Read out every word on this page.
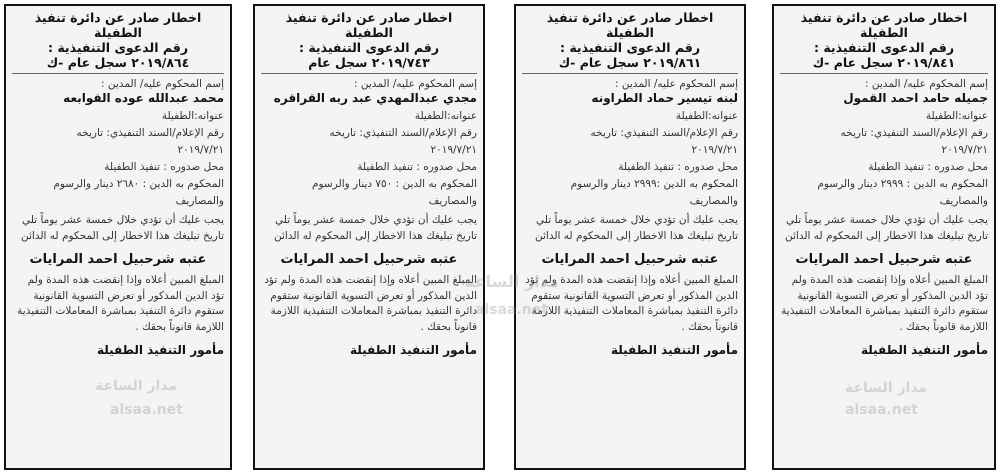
اخطار صادر عن دائرة تنفيذ الطفيلة
رقم الدعوى التنفيذية :
٢٠١٩/٨٤١ سجل عام -ك
إسم المحكوم عليه/ المدين :
جميله حامد احمد القمول
عنوانه:الطفيلة
رقم الإعلام/السند التنفيذي: تاريخه
٢٠١٩/٧/٢١
محل صدوره : تنفيذ الطفيلة
المحكوم به الدين : ٢٩٩٩ دينار والرسوم
والمصاريف
يجب عليك أن تؤدي خلال خمسة عشر يوماً تلي تاريخ تبليغك هذا الاخطار إلى المحكوم له الدائن
عتبه شرحبيل احمد المرايات
المبلغ المبين أعلاه وإذا إنقضت هذه المدة ولم تؤد الدين المذكور أو تعرض التسوية القانونية ستقوم دائرة التنفيذ بمباشرة المعاملات التنفيذية اللازمة قانوناً بحقك .
مأمور التنفيذ الطفيلة
اخطار صادر عن دائرة تنفيذ الطفيلة
رقم الدعوى التنفيذية :
٢٠١٩/٨٦١ سجل عام -ك
إسم المحكوم عليه/ المدين :
لبنه تيسير حماد الطراونه
عنوانه:الطفيلة
رقم الإعلام/السند التنفيذي: تاريخه
٢٠١٩/٧/٢١
محل صدوره : تنفيذ الطفيلة
المحكوم به الدين :٢٩٩٩ دينار والرسوم
والمصاريف
يجب عليك أن تؤدي خلال خمسة عشر يوماً تلي تاريخ تبليغك هذا الاخطار إلى المحكوم له الدائن
عتبه شرحبيل احمد المرايات
المبلغ المبين أعلاه وإذا إنقضت هذه المدة ولم تؤد الدين المذكور أو تعرض التسوية القانونية ستقوم دائرة التنفيذ بمباشرة المعاملات التنفيذية اللازمة قانوناً بحقك .
مأمور التنفيذ الطفيلة
اخطار صادر عن دائرة تنفيذ الطفيلة
رقم الدعوى التنفيذية :
٢٠١٩/٧٤٣ سجل عام
إسم المحكوم عليه/ المدين :
مجدي عبدالمهدي عبد ربه القراقره
عنوانه:الطفيلة
رقم الإعلام/السند التنفيذي: تاريخه
٢٠١٩/٧/٢١
محل صدوره : تنفيذ الطفيلة
المحكوم به الدين : ٧٥٠ دينار والرسوم
والمصاريف
يجب عليك أن تؤدي خلال خمسة عشر يوماً تلي تاريخ تبليغك هذا الاخطار إلى المحكوم له الدائن
عتبه شرحبيل احمد المرايات
المبلغ المبين أعلاه وإذا إنقضت هذه المدة ولم تؤد الدين المذكور أو تعرض التسوية القانونية ستقوم دائرة التنفيذ بمباشرة المعاملات التنفيذية اللازمة قانوناً بحقك .
مأمور التنفيذ الطفيلة
اخطار صادر عن دائرة تنفيذ الطفيلة
رقم الدعوى التنفيذية :
٢٠١٩/٨٦٤ سجل عام -ك
إسم المحكوم عليه/ المدين :
محمد عبدالله عوده القوابعه
عنوانه:الطفيلة
رقم الإعلام/السند التنفيذي: تاريخه
٢٠١٩/٧/٢١
محل صدوره : تنفيذ الطفيلة
المحكوم به الدين : ٢٦٨٠ دينار والرسوم
والمصاريف
يجب عليك أن تؤدي خلال خمسة عشر يوماً تلي تاريخ تبليغك هذا الاخطار إلى المحكوم له الدائن
عتبه شرحبيل احمد المرايات
المبلغ المبين أعلاه وإذا إنقضت هذه المدة ولم تؤد الدين المذكور أو تعرض التسوية القانونية ستقوم دائرة التنفيذ بمباشرة المعاملات التنفيذية اللازمة قانوناً بحقك .
مأمور التنفيذ الطفيلة
مدار الساعة
alsaa.net
مدار الساعة
alsaa.net
مدار الساعة
alsaa.net
